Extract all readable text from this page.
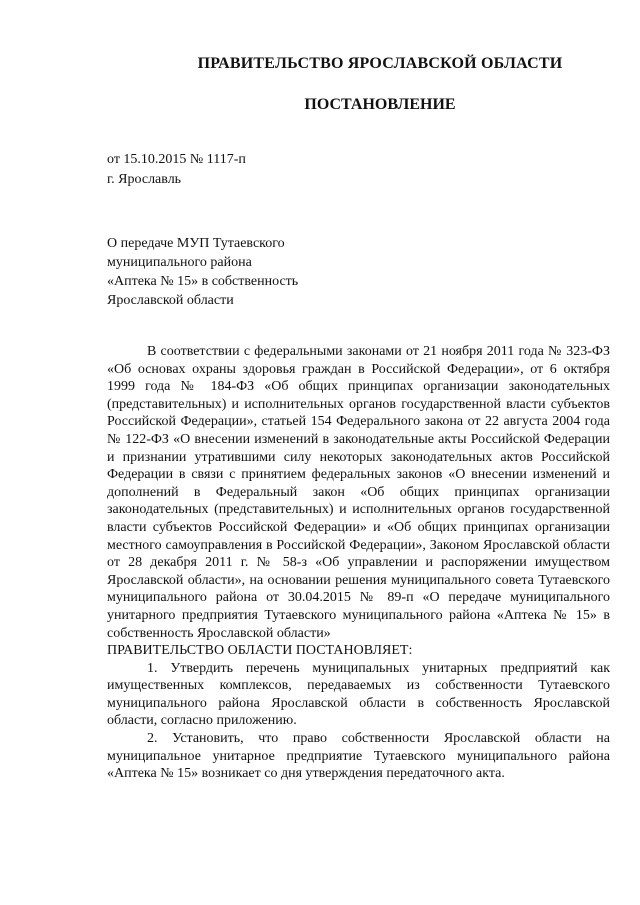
ПРАВИТЕЛЬСТВО ЯРОСЛАВСКОЙ ОБЛАСТИ
ПОСТАНОВЛЕНИЕ
от 15.10.2015 № 1117-п
г. Ярославль
О передаче МУП Тутаевского
муниципального района
«Аптека № 15» в собственность
Ярославской области

В соответствии с федеральными законами от 21 ноября 2011 года № 323-ФЗ «Об основах охраны здоровья граждан в Российской Федерации», от 6 октября 1999 года № 184-ФЗ «Об общих принципах организации законодательных (представительных) и исполнительных органов государственной власти субъектов Российской Федерации», статьей 154 Федерального закона от 22 августа 2004 года № 122-ФЗ «О внесении изменений в законодательные акты Российской Федерации и признании утратившими силу некоторых законодательных актов Российской Федерации в связи с принятием федеральных законов «О внесении изменений и дополнений в Федеральный закон «Об общих принципах организации законодательных (представительных) и исполнительных органов государственной власти субъектов Российской Федерации» и «Об общих принципах организации местного самоуправления в Российской Федерации», Законом Ярославской области от 28 декабря 2011 г. № 58-з «Об управлении и распоряжении имуществом Ярославской области», на основании решения муниципального совета Тутаевского муниципального района от 30.04.2015 № 89-п «О передаче муниципального унитарного предприятия Тутаевского муниципального района «Аптека № 15» в собственность Ярославской области»

ПРАВИТЕЛЬСТВО ОБЛАСТИ ПОСТАНОВЛЯЕТ:

1. Утвердить перечень муниципальных унитарных предприятий как имущественных комплексов, передаваемых из собственности Тутаевского муниципального района Ярославской области в собственность Ярославской области, согласно приложению.

2. Установить, что право собственности Ярославской области на муниципальное унитарное предприятие Тутаевского муниципального района «Аптека № 15» возникает со дня утверждения передаточного акта.
